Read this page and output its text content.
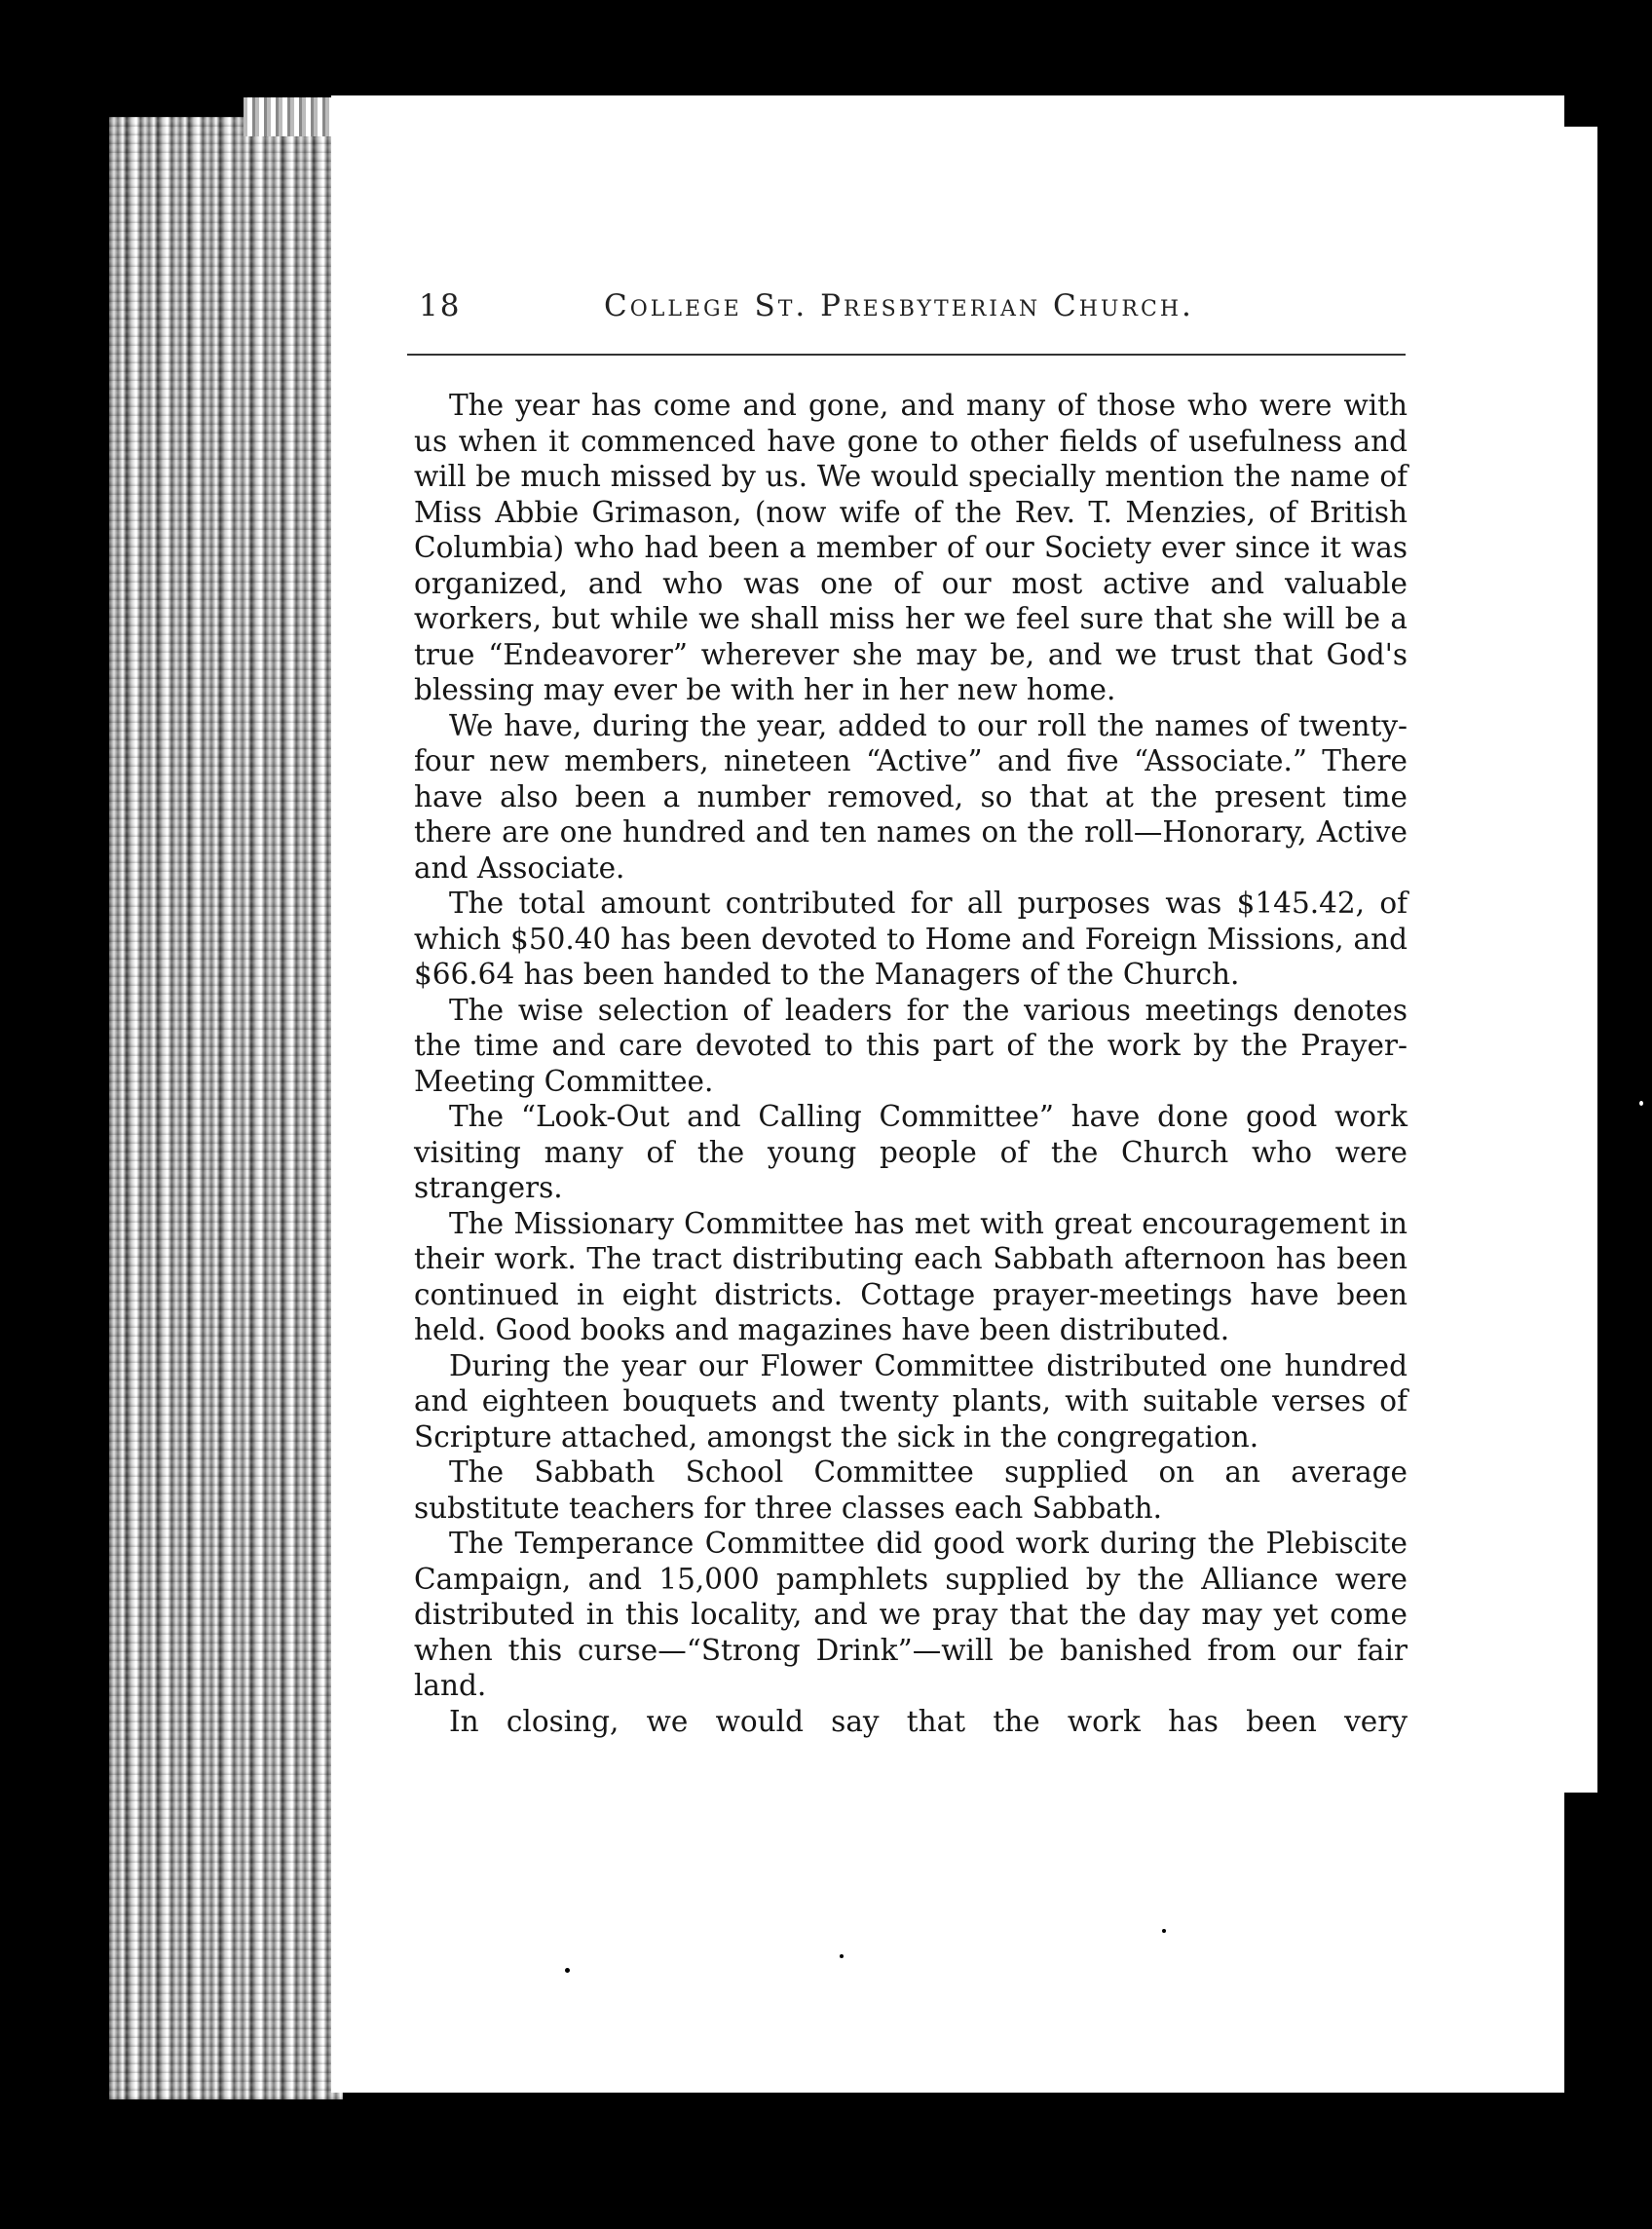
18	College St. Presbyterian Church.

The year has come and gone, and many of those who were with us when it commenced have gone to other fields of usefulness and will be much missed by us. We would specially mention the name of Miss Abbie Grimason, (now wife of the Rev. T. Menzies, of British Columbia) who had been a member of our Society ever since it was organized, and who was one of our most active and valuable workers, but while we shall miss her we feel sure that she will be a true “Endeavorer” wherever she may be, and we trust that God's blessing may ever be with her in her new home.

We have, during the year, added to our roll the names of twenty-four new members, nineteen “Active” and five “Associate.” There have also been a number removed, so that at the present time there are one hundred and ten names on the roll—Honorary, Active and Associate.

The total amount contributed for all purposes was $145.42, of which $50.40 has been devoted to Home and Foreign Missions, and $66.64 has been handed to the Managers of the Church.

The wise selection of leaders for the various meetings denotes the time and care devoted to this part of the work by the Prayer-Meeting Committee.

The “Look-Out and Calling Committee” have done good work visiting many of the young people of the Church who were strangers.

The Missionary Committee has met with great encouragement in their work. The tract distributing each Sabbath afternoon has been continued in eight districts. Cottage prayer-meetings have been held. Good books and magazines have been distributed.

During the year our Flower Committee distributed one hundred and eighteen bouquets and twenty plants, with suitable verses of Scripture attached, amongst the sick in the congregation.

The Sabbath School Committee supplied on an average substitute teachers for three classes each Sabbath.

The Temperance Committee did good work during the Plebiscite Campaign, and 15,000 pamphlets supplied by the Alliance were distributed in this locality, and we pray that the day may yet come when this curse—“Strong Drink”—will be banished from our fair land.

In closing, we would say that the work has been very
